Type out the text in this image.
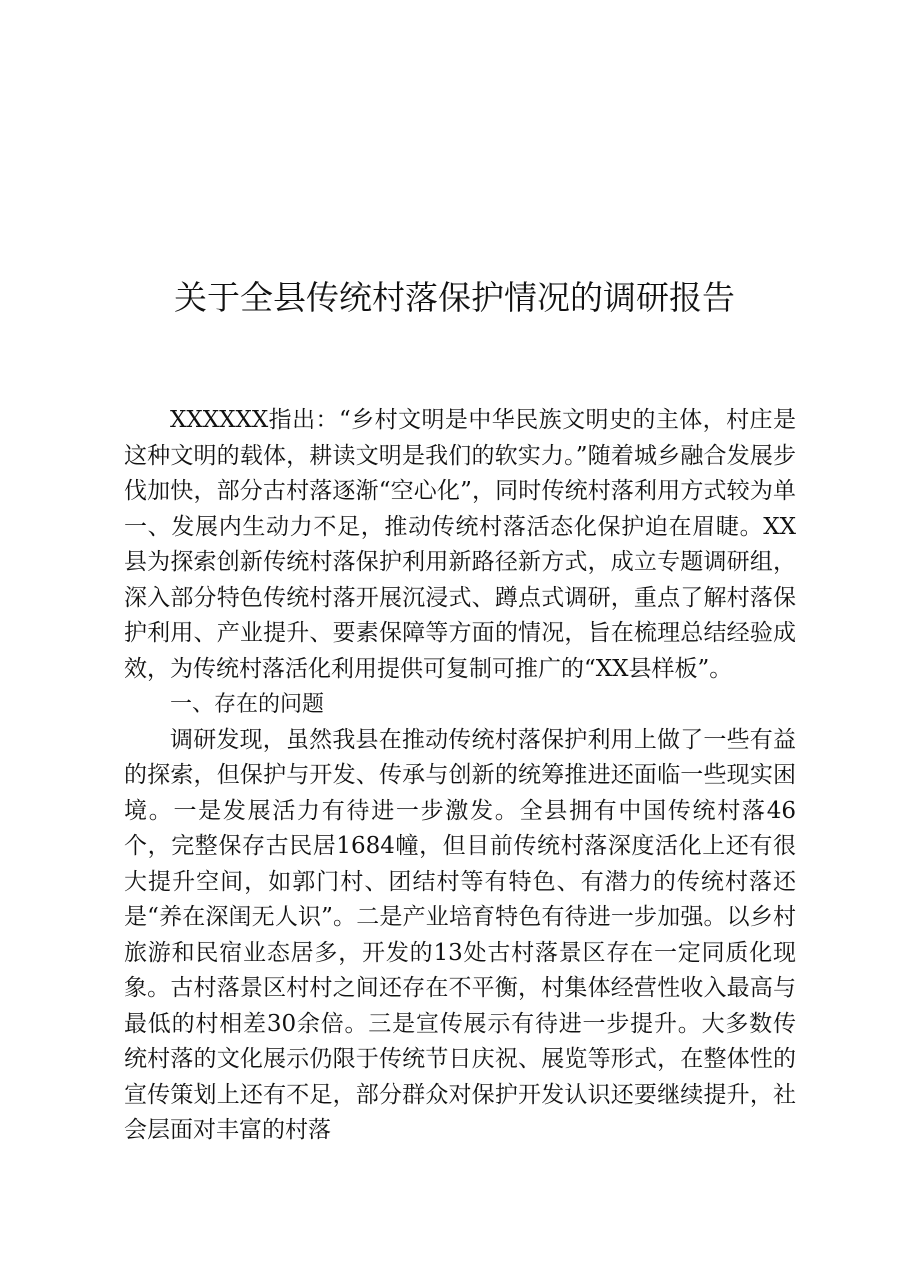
关于全县传统村落保护情况的调研报告

XXXXXX指出：“乡村文明是中华民族文明史的主体，村庄是这种文明的载体，耕读文明是我们的软实力。”随着城乡融合发展步伐加快，部分古村落逐渐“空心化”，同时传统村落利用方式较为单一、发展内生动力不足，推动传统村落活态化保护迫在眉睫。XX县为探索创新传统村落保护利用新路径新方式，成立专题调研组，深入部分特色传统村落开展沉浸式、蹲点式调研，重点了解村落保护利用、产业提升、要素保障等方面的情况，旨在梳理总结经验成效，为传统村落活化利用提供可复制可推广的“XX县样板”。

一、存在的问题

调研发现，虽然我县在推动传统村落保护利用上做了一些有益的探索，但保护与开发、传承与创新的统筹推进还面临一些现实困境。一是发展活力有待进一步激发。全县拥有中国传统村落46个，完整保存古民居1684幢，但目前传统村落深度活化上还有很大提升空间，如郭门村、团结村等有特色、有潜力的传统村落还是“养在深闺无人识”。二是产业培育特色有待进一步加强。以乡村旅游和民宿业态居多，开发的13处古村落景区存在一定同质化现象。古村落景区村村之间还存在不平衡，村集体经营性收入最高与最低的村相差30余倍。三是宣传展示有待进一步提升。大多数传统村落的文化展示仍限于传统节日庆祝、展览等形式，在整体性的宣传策划上还有不足，部分群众对保护开发认识还要继续提升，社会层面对丰富的村落
